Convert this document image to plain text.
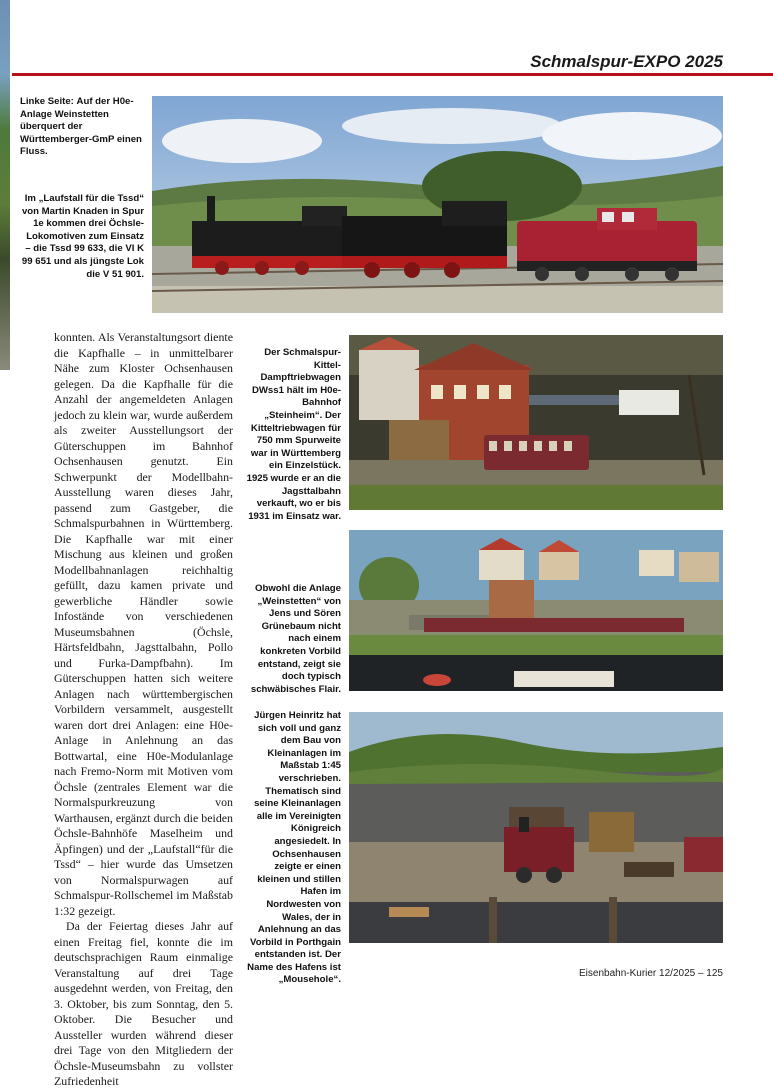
Schmalspur-EXPO 2025
Linke Seite: Auf der H0e-Anlage Weinstetten überquert der Württemberger-GmP einen Fluss.
Im „Laufstall für die Tssd“ von Martin Knaden in Spur 1e kommen drei Öchsle-Lokomotiven zum Einsatz – die Tssd 99 633, die VI K 99 651 und als jüngste Lok die V 51 901.
Der Schmalspur-Kittel-Dampftriebwagen DWss1 hält im H0e-Bahnhof „Steinheim“. Der Kitteltriebwagen für 750 mm Spurweite war in Württemberg ein Einzelstück. 1925 wurde er an die Jagsttalbahn verkauft, wo er bis 1931 im Einsatz war.
Obwohl die Anlage „Weinstetten“ von Jens und Sören Grünebaum nicht nach einem konkreten Vorbild entstand, zeigt sie doch typisch schwäbisches Flair.
Jürgen Heinritz hat sich voll und ganz dem Bau von Kleinanlagen im Maßstab 1:45 verschrieben. Thematisch sind seine Kleinanlagen alle im Vereinigten Königreich angesiedelt. In Ochsenhausen zeigte er einen kleinen und stillen Hafen im Nordwesten von Wales, der in Anlehnung an das Vorbild in Porthgain entstanden ist. Der Name des Hafens ist „Mousehole“.

konnten. Als Veranstaltungsort diente die Kapfhalle – in unmittelbarer Nähe zum Kloster Ochsenhausen gelegen. Da die Kapfhalle für die Anzahl der angemeldeten Anlagen jedoch zu klein war, wurde außerdem als zweiter Ausstellungsort der Güterschuppen im Bahnhof Ochsenhausen genutzt. Ein Schwerpunkt der Modellbahn-Ausstellung waren dieses Jahr, passend zum Gastgeber, die Schmalspurbahnen in Württemberg. Die Kapfhalle war mit einer Mischung aus kleinen und großen Modellbahnanlagen reichhaltig gefüllt, dazu kamen private und gewerbliche Händler sowie Infostände von verschiedenen Museumsbahnen (Öchsle, Härtsfeldbahn, Jagsttalbahn, Pollo und Furka-Dampfbahn). Im Güterschuppen hatten sich weitere Anlagen nach württembergischen Vorbildern versammelt, ausgestellt waren dort drei Anlagen: eine H0e-Anlage in Anlehnung an das Bottwartal, eine H0e-Modulanlage nach Fremo-Norm mit Motiven vom Öchsle (zentrales Element war die Normalspurkreuzung von Warthausen, ergänzt durch die beiden Öchsle-Bahnhöfe Maselheim und Äpfingen) und der „Laufstall“für die Tssd“ – hier wurde das Umsetzen von Normalspurwagen auf Schmalspur-Rollschemel im Maßstab 1:32 gezeigt.

Da der Feiertag dieses Jahr auf einen Freitag fiel, konnte die im deutschsprachigen Raum einmalige Veranstaltung auf drei Tage ausgedehnt werden, von Freitag, den 3. Oktober, bis zum Sonntag, den 5. Oktober. Die Besucher und Aussteller wurden während dieser drei Tage von den Mitgliedern der Öchsle-Museumsbahn zu vollster Zufriedenheit

Eisenbahn-Kurier 12/2025 – 125
